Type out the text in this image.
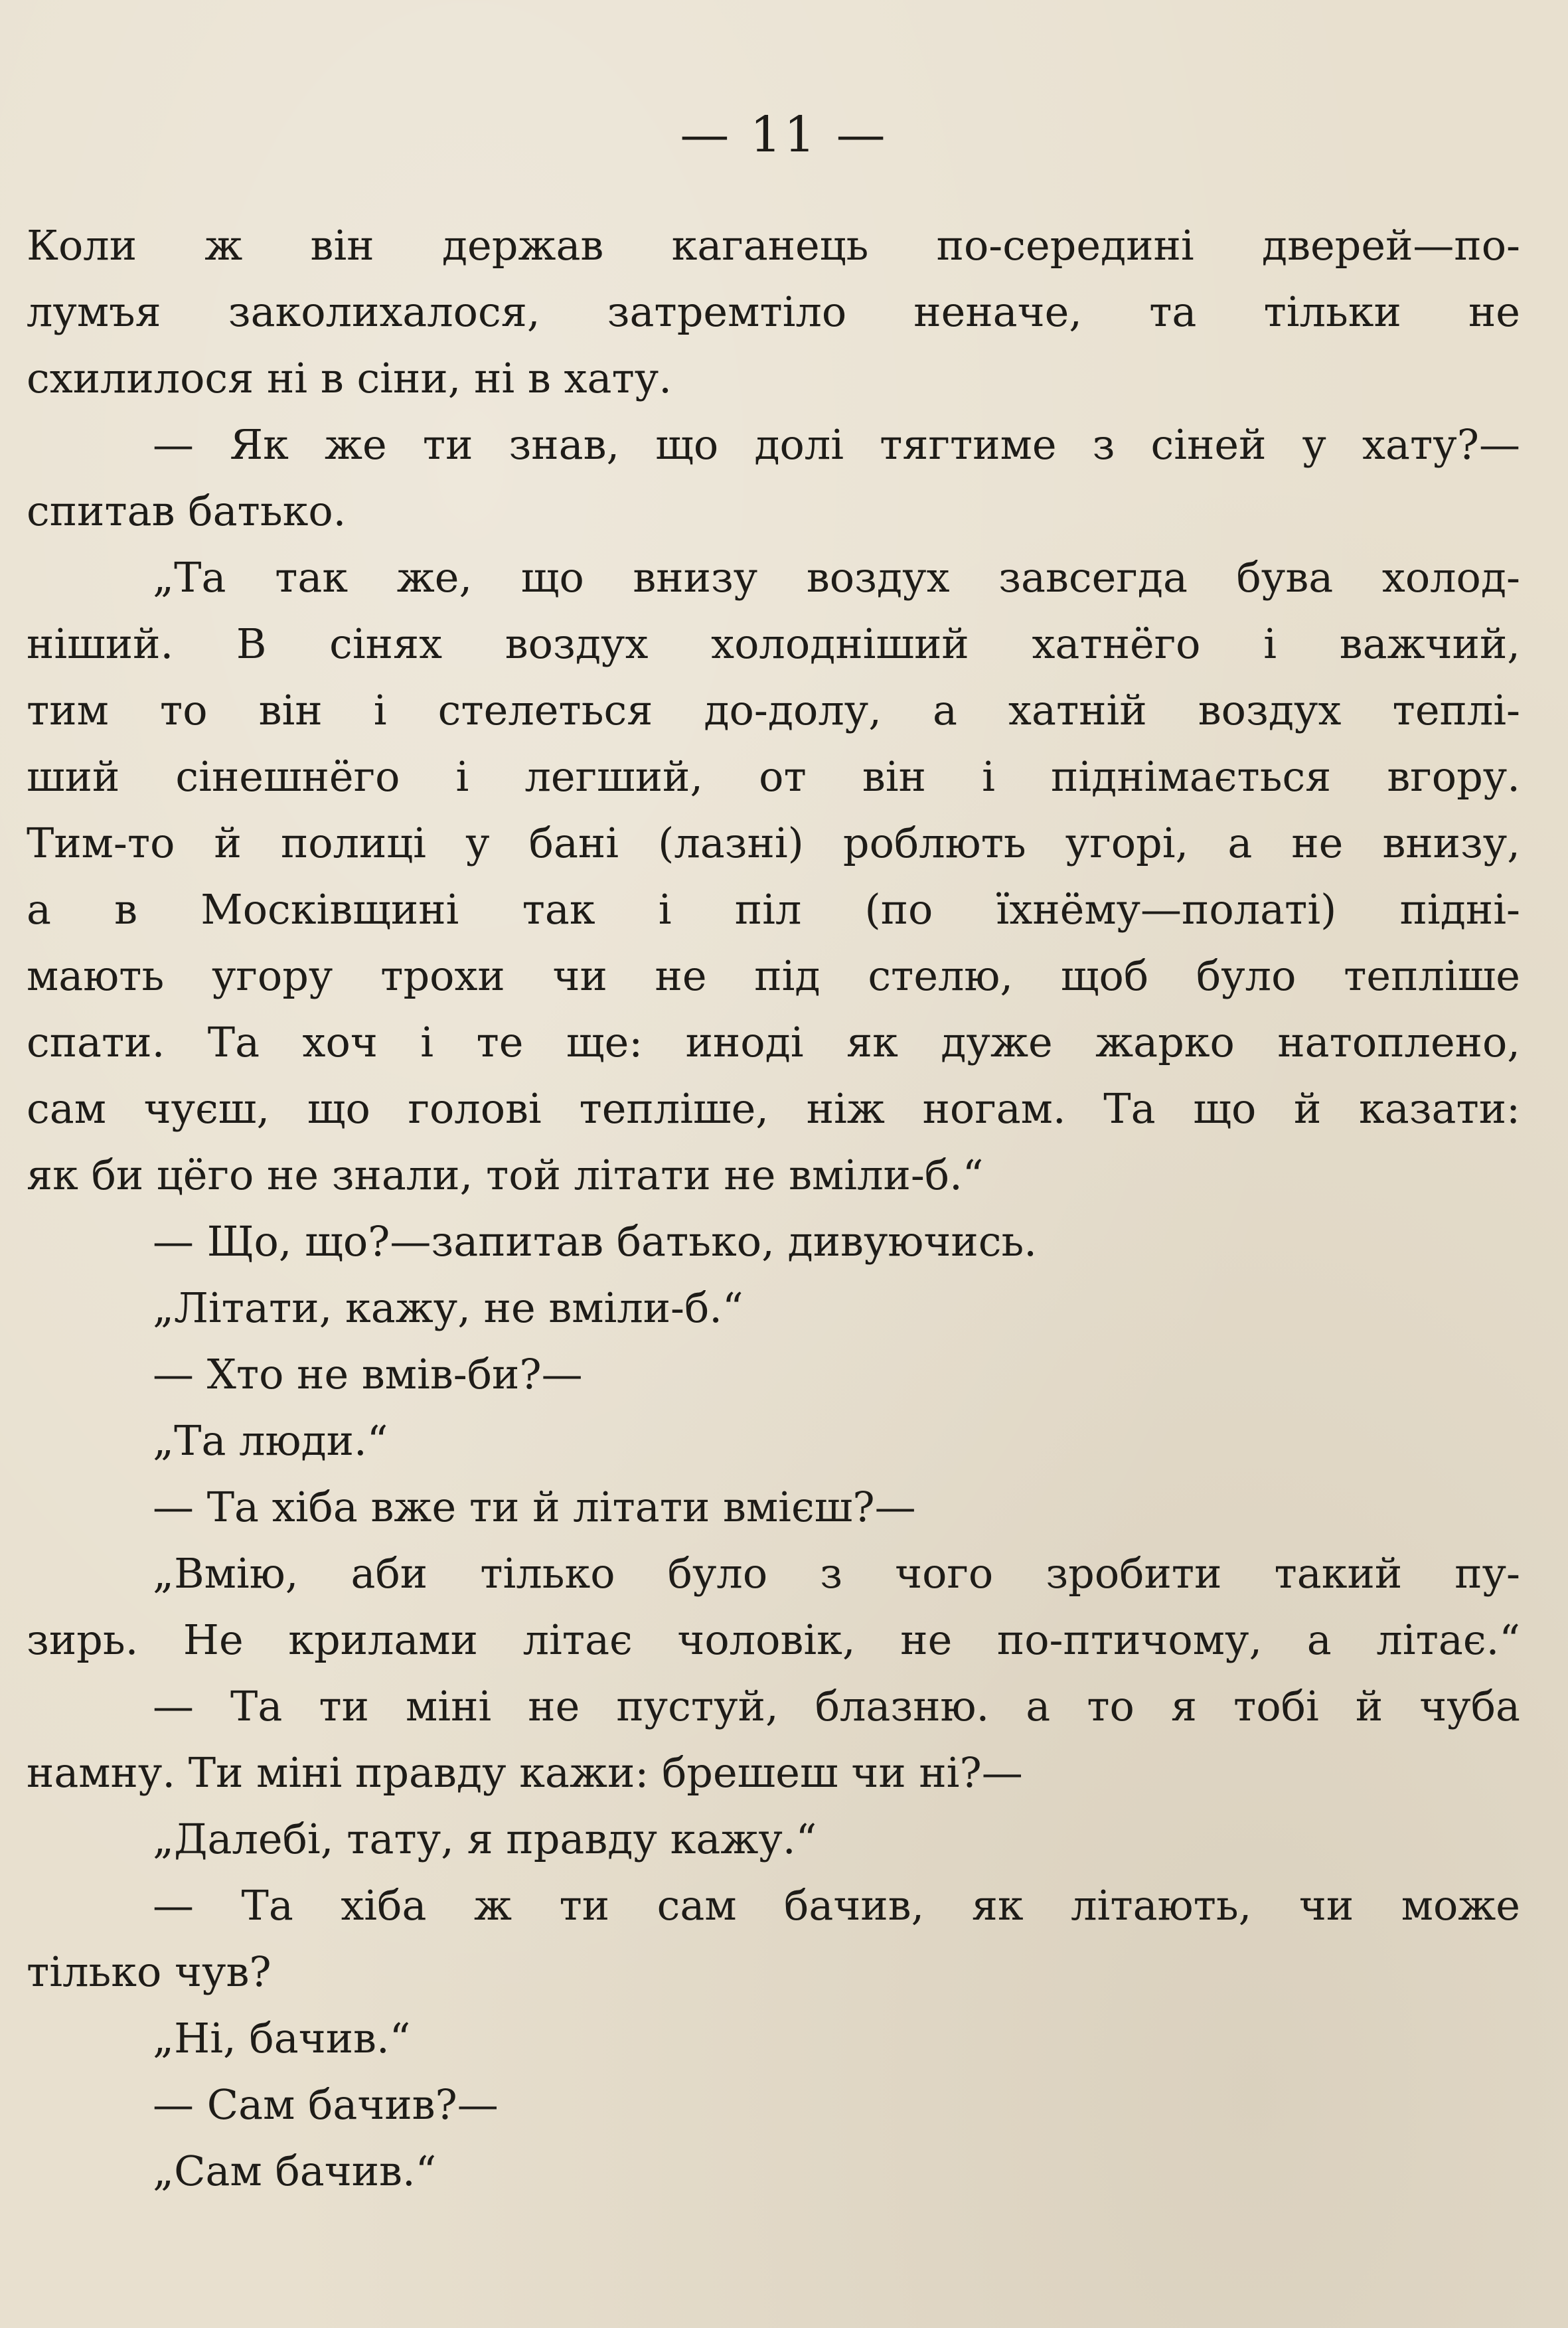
— 11 —
Коли ж він держав каганець по-середині дверей—по-
лумъя заколихалося, затремтіло неначе, та тільки не
схилилося ні в сіни, ні в хату.
— Як же ти знав, що долі тягтиме з сіней у хату?—
спитав батько.
„Та так же, що внизу воздух завсегда бува холод-
ніший. В сінях воздух холодніший хатнёго і важчий,
тим то він і стелеться до-долу, а хатній воздух теплі-
ший сінешнёго і легший, от він і піднімається вгору.
Тим-то й полиці у бані (лазні) роблють угорі, а не внизу,
а в Москівщині так і піл (по їхнёму—полаті) підні-
мають угору трохи чи не під стелю, щоб було тепліше
спати. Та хоч і те ще: иноді як дуже жарко натоплено,
сам чуєш, що голові тепліше, ніж ногам. Та що й казати:
як би цёго не знали, той літати не вміли-б.“
— Що, що?—запитав батько, дивуючись.
„Літати, кажу, не вміли-б.“
— Хто не вмів-би?—
„Та люди.“
— Та хіба вже ти й літати вмієш?—
„Вмію, аби тілько було з чого зробити такий пу-
зирь. Не крилами літає чоловік, не по-птичому, а літає.“
— Та ти міні не пустуй, блазню. а то я тобі й чуба
намну. Ти міні правду кажи: брешеш чи ні?—
„Далебі, тату, я правду кажу.“
— Та хіба ж ти сам бачив, як літають, чи може
тілько чув?
„Ні, бачив.“
— Сам бачив?—
„Сам бачив.“
